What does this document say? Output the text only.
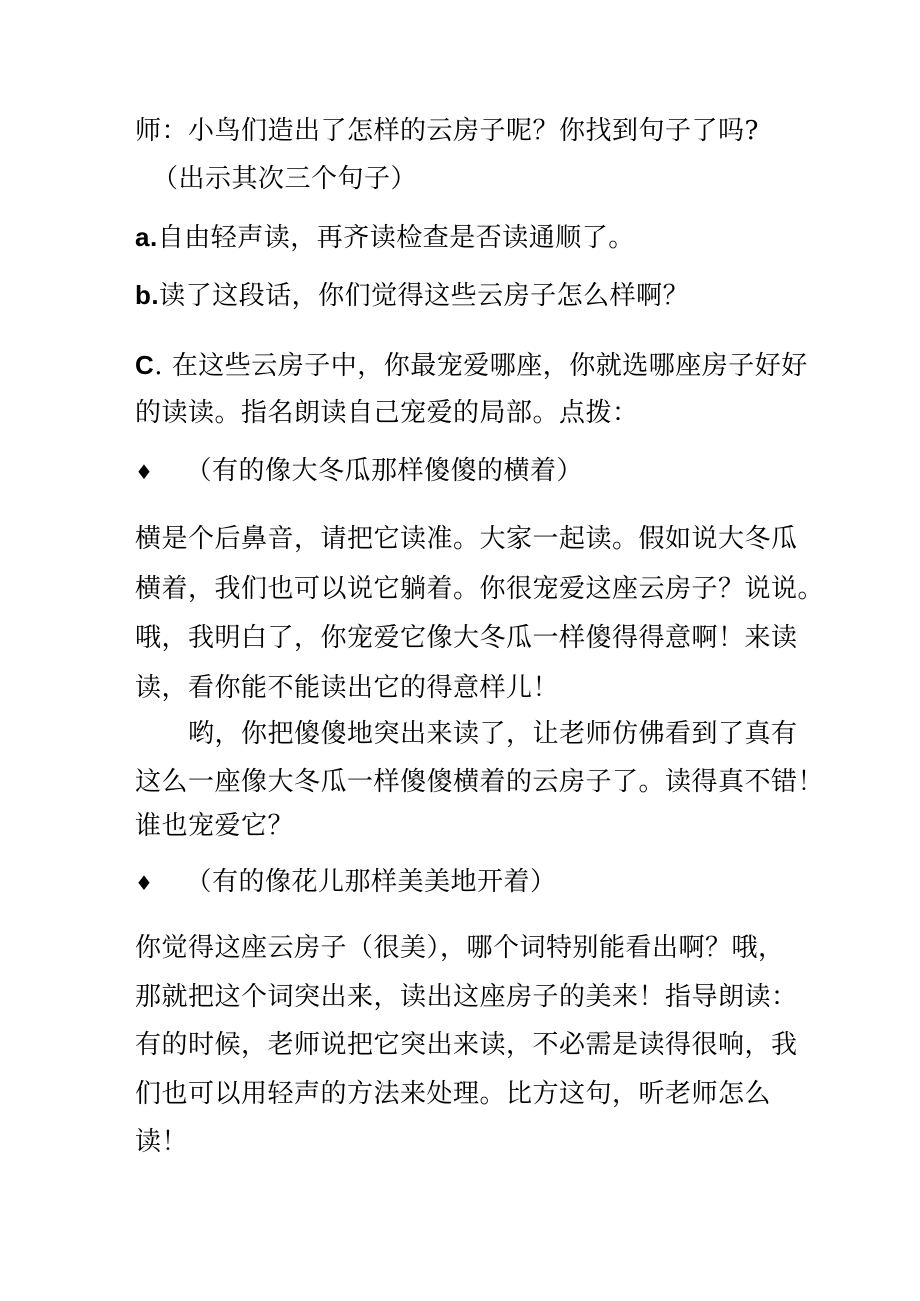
师：小鸟们造出了怎样的云房子呢？你找到句子了吗?

（出示其次三个句子）

a.自由轻声读，再齐读检查是否读通顺了。

b.读了这段话，你们觉得这些云房子怎么样啊？

C. 在这些云房子中，你最宠爱哪座，你就选哪座房子好好

的读读。指名朗读自己宠爱的局部。点拨：

♦ （有的像大冬瓜那样傻傻的横着）

横是个后鼻音，请把它读准。大家一起读。假如说大冬瓜

横着，我们也可以说它躺着。你很宠爱这座云房子？说说。

哦，我明白了，你宠爱它像大冬瓜一样傻得得意啊！来读

读，看你能不能读出它的得意样儿！

哟，你把傻傻地突出来读了，让老师仿佛看到了真有

这么一座像大冬瓜一样傻傻横着的云房子了。读得真不错！

谁也宠爱它？

♦ （有的像花儿那样美美地开着）

你觉得这座云房子（很美），哪个词特别能看出啊？哦，

那就把这个词突出来，读出这座房子的美来！指导朗读：

有的时候，老师说把它突出来读，不必需是读得很响，我

们也可以用轻声的方法来处理。比方这句，听老师怎么

读！
